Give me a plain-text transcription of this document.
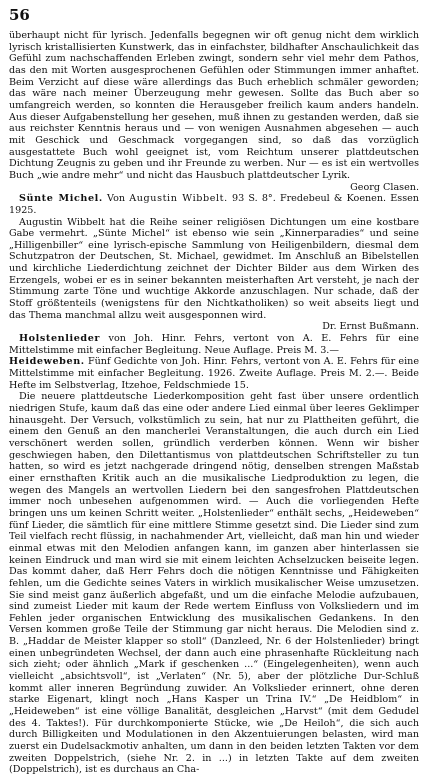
56

überhaupt nicht für lyrisch. Jedenfalls begegnen wir oft genug nicht dem wirklich lyrisch kristallisierten Kunstwerk, das in einfachster, bildhafter Anschaulichkeit das Gefühl zum nachschaffenden Erleben zwingt, sondern sehr viel mehr dem Pathos, das den mit Worten ausgesprochenen Gefühlen oder Stimmungen immer anhaftet. Beim Verzicht auf diese wäre allerdings das Buch erheblich schmäler geworden; das wäre nach meiner Überzeugung mehr gewesen. Sollte das Buch aber so umfangreich werden, so konnten die Herausgeber freilich kaum anders handeln. Aus dieser Aufgabenstellung her gesehen, muß ihnen zu gestanden werden, daß sie aus reichster Kenntnis heraus und — von wenigen Ausnahmen abgesehen — auch mit Geschick und Geschmack vorgegangen sind, so daß das vorzüglich ausgestattete Buch wohl geeignet ist, vom Reichtum unserer plattdeutschen Dichtung Zeugnis zu geben und ihr Freunde zu werben. Nur — es ist ein wertvolles Buch „wie andre mehr“ und nicht das Hausbuch plattdeutscher Lyrik.

Georg Clasen.

Sünte Michel. Von Augustin Wibbelt. 93 S. 8°. Fredebeul & Koenen. Essen 1925.

Augustin Wibbelt hat die Reihe seiner religiösen Dichtungen um eine kostbare Gabe vermehrt. „Sünte Michel“ ist ebenso wie sein „Kinnerparadies“ und seine „Hilligenbiller“ eine lyrisch-epische Sammlung von Heiligenbildern, diesmal dem Schutzpatron der Deutschen, St. Michael, gewidmet. Im Anschluß an Bibelstellen und kirchliche Liederdichtung zeichnet der Dichter Bilder aus dem Wirken des Erzengels, wobei er es in seiner bekannten meisterhaften Art versteht, je nach der Stimmung zarte Töne und wuchtige Akkorde anzuschlagen. Nur schade, daß der Stoff größtenteils (wenigstens für den Nichtkatholiken) so weit abseits liegt und das Thema manchmal allzu weit ausgesponnen wird.

Dr. Ernst Bußmann.

Holstenlieder von Joh. Hinr. Fehrs, vertont von A. E. Fehrs für eine Mittelstimme mit einfacher Begleitung. Neue Auflage. Preis M. 3.—

Heideweben. Fünf Gedichte von Joh. Hinr. Fehrs, vertont von A. E. Fehrs für eine Mittelstimme mit einfacher Begleitung. 1926. Zweite Auflage. Preis M. 2.—. Beide Hefte im Selbstverlag, Itzehoe, Feldschmiede 15.

Die neuere plattdeutsche Liederkomposition geht fast über unsere ordentlich niedrigen Stufe, kaum daß das eine oder andere Lied einmal über leeres Geklimper hinausgeht. Der Versuch, volkstümlich zu sein, hat nur zu Plattheiten geführt, die einem den Genuß an den mancherlei Veranstaltungen, die auch durch ein Lied verschönert werden sollen, gründlich verderben können. Wenn wir bisher geschwiegen haben, den Dilettantismus von plattdeutschen Schriftsteller zu tun hatten, so wird es jetzt nachgerade dringend nötig, denselben strengen Maßstab einer ernsthaften Kritik auch an die musikalische Liedproduktion zu legen, die wegen des Mangels an wertvollen Liedern bei den sangesfrohen Plattdeutschen immer noch unbesehen aufgenommen wird. — Auch die vorliegenden Hefte bringen uns um keinen Schritt weiter. „Holstenlieder“ enthält sechs, „Heideweben“ fünf Lieder, die sämtlich für eine mittlere Stimme gesetzt sind. Die Lieder sind zum Teil vielfach recht flüssig, in nachahmender Art, vielleicht, daß man hin und wieder einmal etwas mit den Melodien anfangen kann, im ganzen aber hinterlassen sie keinen Eindruck und man wird sie mit einem leichten Achselzucken beiseite legen. Das kommt daher, daß Herr Fehrs doch die nötigen Kenntnisse und Fähigkeiten fehlen, um die Gedichte seines Vaters in wirklich musikalischer Weise umzusetzen. Sie sind meist ganz äußerlich abgefaßt, und um die einfache Melodie aufzubauen, sind zumeist Lieder mit kaum der Rede wertem Einfluss von Volksliedern und im Fehlen jeder organischen Entwicklung des musikalischen Gedankens. In den Versen kommen große Teile der Stimmung gar nicht heraus. Die Melodien sind z. B. „Haddar de Meister klapper so stoll“ (Danzleed, Nr. 6 der Holstenlieder) bringt einen unbegründeten Wechsel, der dann auch eine phrasenhafte Rückleitung nach sich zieht; oder ähnlich „Mark if geschenken ...“ (Eingelegenheiten), wenn auch vielleicht „absichtsvoll“, ist „Verlaten“ (Nr. 5), aber der plötzliche Dur-Schluß kommt aller inneren Begründung zuwider. An Volkslieder erinnert, ohne deren starke Eigenart, klingt noch „Hans Kasper un Trina IV.“ „De Heidblom“ in „Heideweben“ ist eine völlige Banalität, desgleichen „Harvst“ (mit dem Gedudel des 4. Taktes!). Für durchkomponierte Stücke, wie „De Heiloh“, die sich auch durch Billigkeiten und Modulationen in den Akzentuierungen belasten, wird man zuerst ein Dudelsackmotiv anhalten, um dann in den beiden letzten Takten vor dem zweiten Doppelstrich, (siehe Nr. 2. in ...) in letzten Takte auf dem zweiten (Doppelstrich), ist es durchaus an Cha-
